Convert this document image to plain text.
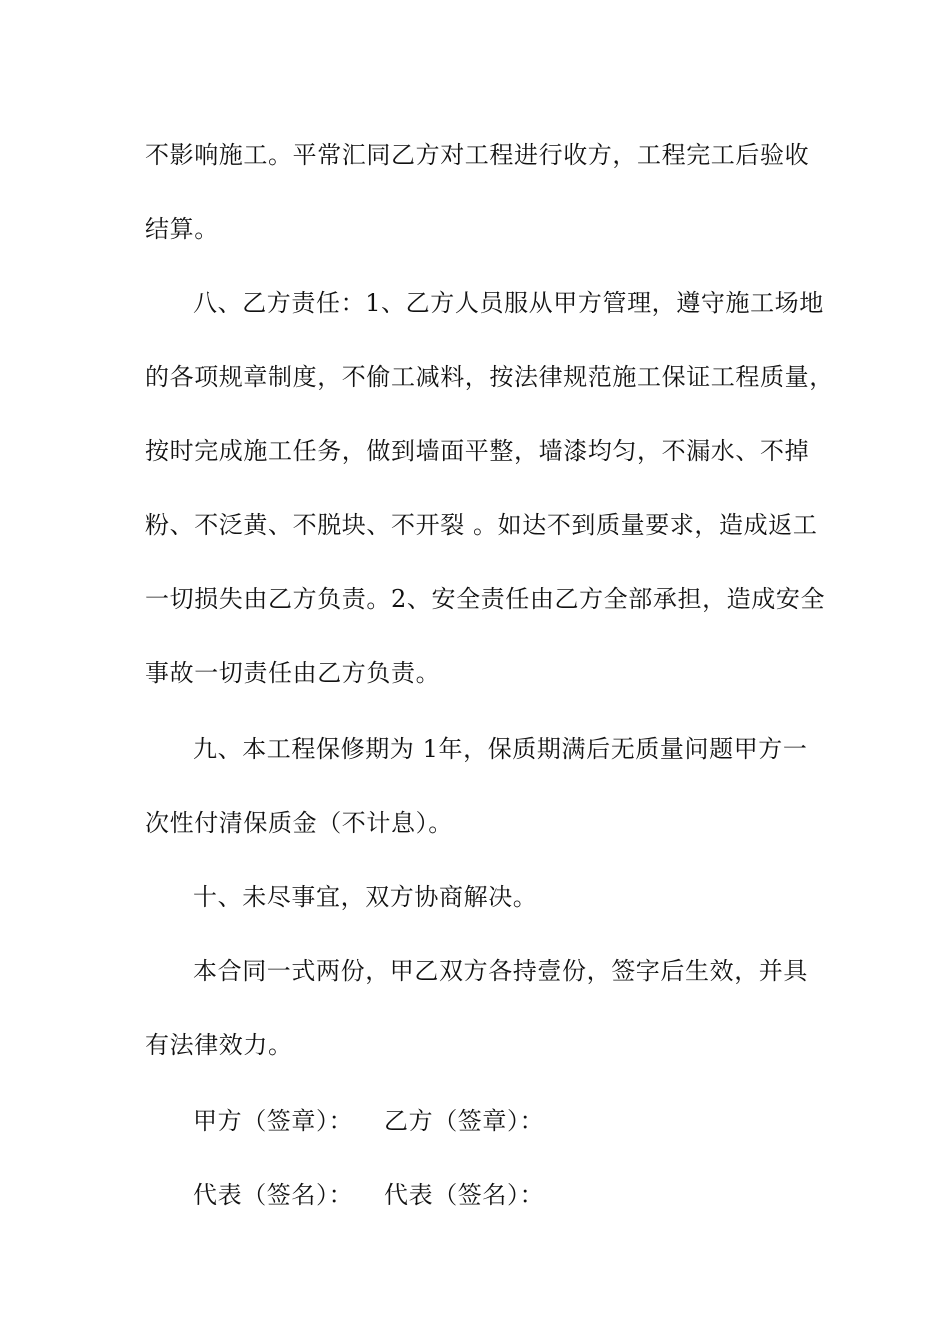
不影响施工。平常汇同乙方对工程进行收方，工程完工后验收
结算。
八、乙方责任：1、乙方人员服从甲方管理，遵守施工场地
的各项规章制度，不偷工减料，按法律规范施工保证工程质量，
按时完成施工任务，做到墙面平整，墙漆均匀，不漏水、不掉
粉、不泛黄、不脱块、不开裂 。如达不到质量要求，造成返工
一切损失由乙方负责。2、安全责任由乙方全部承担，造成安全
事故一切责任由乙方负责。
九、本工程保修期为 1年，保质期满后无质量问题甲方一
次性付清保质金（不计息）。
十、未尽事宜，双方协商解决。
本合同一式两份，甲乙双方各持壹份，签字后生效，并具
有法律效力。
甲方（签章）： 乙方（签章）：
代表（签名）： 代表（签名）：
